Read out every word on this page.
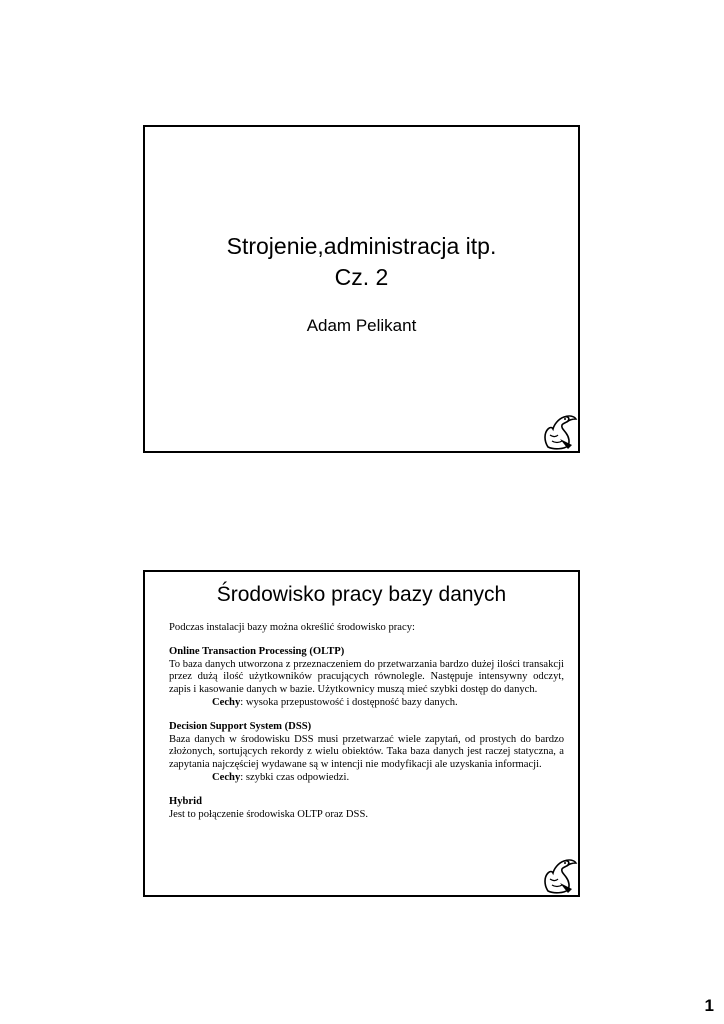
Strojenie,administracja itp.
Cz. 2
Adam Pelikant
Środowisko pracy bazy danych

Podczas instalacji bazy można określić środowisko pracy:

Online Transaction Processing (OLTP)

To baza danych utworzona z przeznaczeniem do przetwarzania bardzo dużej ilości transakcji przez dużą ilość użytkowników pracujących równolegle. Następuje intensywny odczyt, zapis i kasowanie danych w bazie. Użytkownicy muszą mieć szybki dostęp do danych.

Cechy: wysoka przepustowość i dostępność bazy danych.

Decision Support System (DSS)

Baza danych w środowisku DSS musi przetwarzać wiele zapytań, od prostych do bardzo złożonych, sortujących rekordy z wielu obiektów. Taka baza danych jest raczej statyczna, a zapytania najczęściej wydawane są w intencji nie modyfikacji ale uzyskania informacji.

Cechy: szybki czas odpowiedzi.

Hybrid

Jest to połączenie środowiska OLTP oraz DSS.

1
